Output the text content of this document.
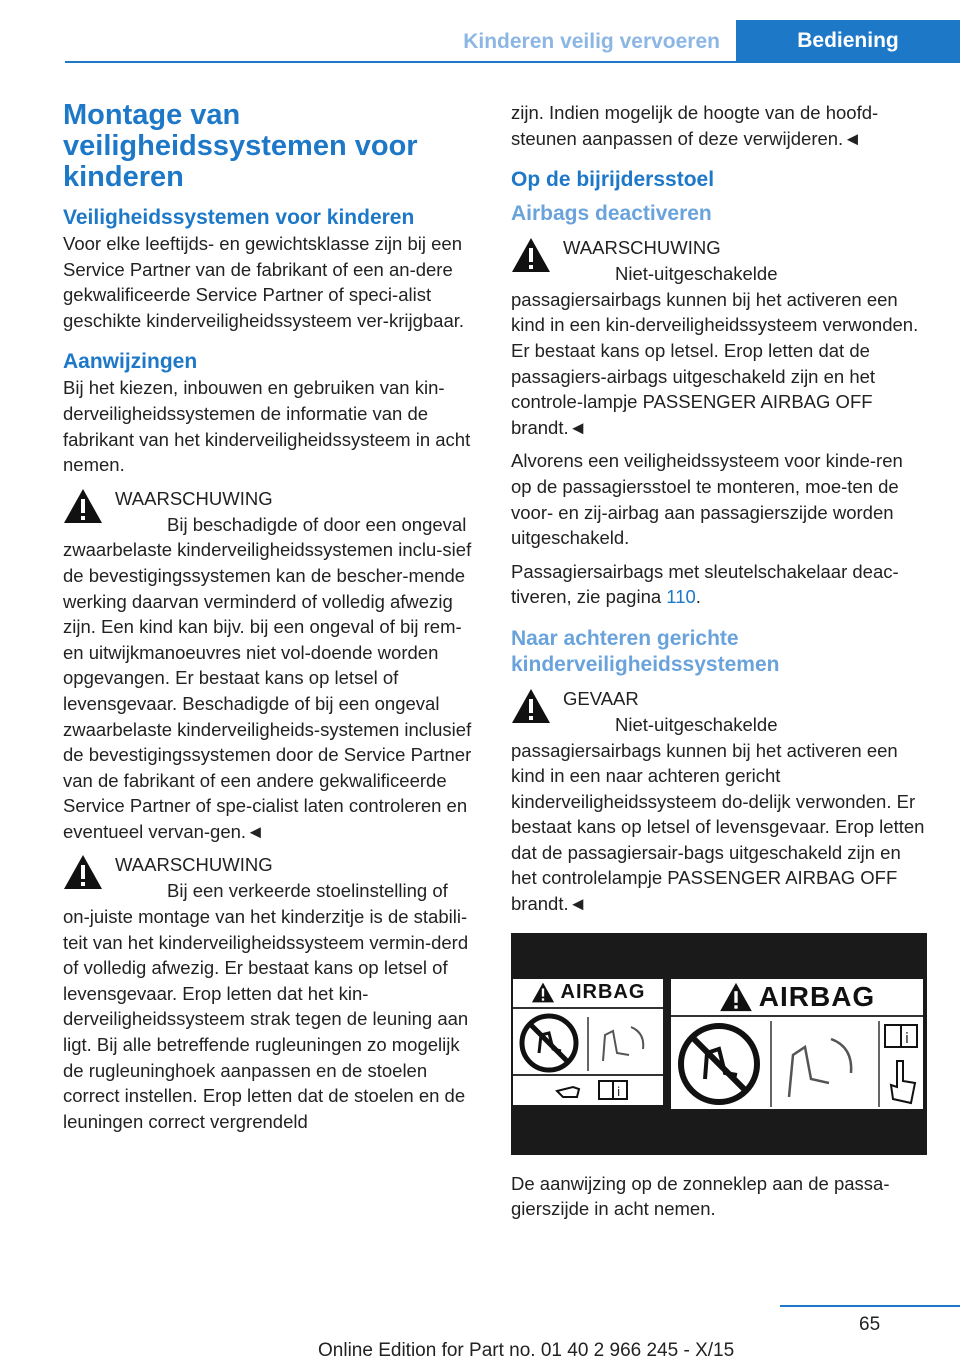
Kinderen veilig vervoeren	Bediening
Montage van veiligheidssystemen voor kinderen
Veiligheidssystemen voor kinderen

Voor elke leeftijds- en gewichtsklasse zijn bij een Service Partner van de fabrikant of een an-dere gekwalificeerde Service Partner of speci-alist geschikte kinderveiligheidssysteem ver-krijgbaar.

Aanwijzingen

Bij het kiezen, inbouwen en gebruiken van kin-derveiligheidssystemen de informatie van de fabrikant van het kinderveiligheidssysteem in acht nemen.

WAARSCHUWING

Bij beschadigde of door een ongeval zwaarbelaste kinderveiligheidssystemen inclu-sief de bevestigingssystemen kan de bescher-mende werking daarvan verminderd of volledig afwezig zijn. Een kind kan bijv. bij een ongeval of bij rem- en uitwijkmanoeuvres niet vol-doende worden opgevangen. Er bestaat kans op letsel of levensgevaar. Beschadigde of bij een ongeval zwaarbelaste kinderveiligheids-systemen inclusief de bevestigingssystemen door de Service Partner van de fabrikant of een andere gekwalificeerde Service Partner of spe-cialist laten controleren en eventueel vervan-gen.◄

WAARSCHUWING

Bij een verkeerde stoelinstelling of on-juiste montage van het kinderzitje is de stabili-teit van het kinderveiligheidssysteem vermin-derd of volledig afwezig. Er bestaat kans op letsel of levensgevaar. Erop letten dat het kin-derveiligheidssysteem strak tegen de leuning aan ligt. Bij alle betreffende rugleuningen zo mogelijk de rugleuninghoek aanpassen en de stoelen correct instellen. Erop letten dat de stoelen en de leuningen correct vergrendeld

zijn. Indien mogelijk de hoogte van de hoofd-steunen aanpassen of deze verwijderen.◄

Op de bijrijdersstoel
Airbags deactiveren
WAARSCHUWING

Niet-uitgeschakelde passagiersairbags kunnen bij het activeren een kind in een kin-derveiligheidssysteem verwonden. Er bestaat kans op letsel. Erop letten dat de passagiers-airbags uitgeschakeld zijn en het controle-lampje PASSENGER AIRBAG OFF brandt.◄

Alvorens een veiligheidssysteem voor kinde-ren op de passagiersstoel te monteren, moe-ten de voor- en zij-airbag aan passagierszijde worden uitgeschakeld.

Passagiersairbags met sleutelschakelaar deac-tiveren, zie pagina 110.

Naar achteren gerichte kinderveiligheidssystemen
GEVAAR

Niet-uitgeschakelde passagiersairbags kunnen bij het activeren een kind in een naar achteren gericht kinderveiligheidssysteem do-delijk verwonden. Er bestaat kans op letsel of levensgevaar. Erop letten dat de passagiersair-bags uitgeschakeld zijn en het controlelampje PASSENGER AIRBAG OFF brandt.◄

AIRBAG
i
AIRBAG
i

De aanwijzing op de zonneklep aan de passa-gierszijde in acht nemen.

65
Online Edition for Part no. 01 40 2 966 245 - X/15
